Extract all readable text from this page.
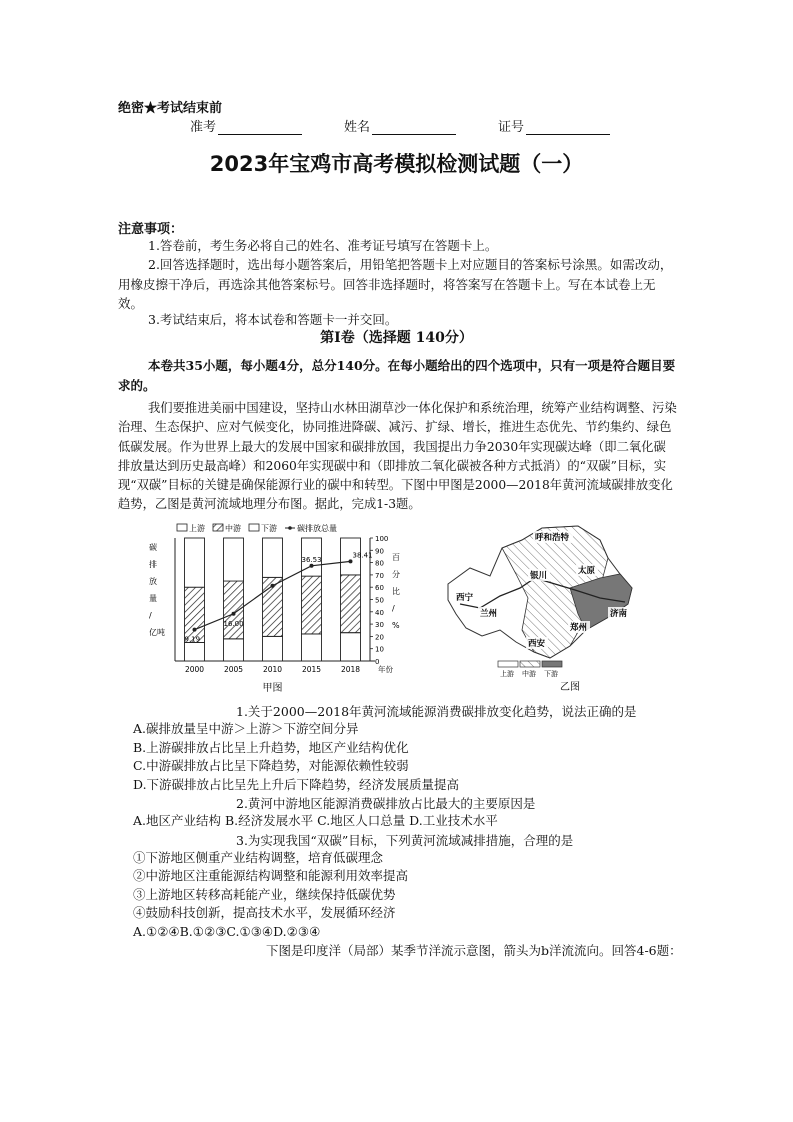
绝密★考试结束前
准考	姓名	证号
2023年宝鸡市高考模拟检测试题（一）
注意事项：
1.答卷前，考生务必将自己的姓名、准考证号填写在答题卡上。
2.回答选择题时，选出每小题答案后，用铅笔把答题卡上对应题目的答案标号涂黑。如需改动，用橡皮擦干净后，再选涂其他答案标号。回答非选择题时，将答案写在答题卡上。写在本试卷上无效。
3.考试结束后，将本试卷和答题卡一并交回。
第Ⅰ卷（选择题 140分）
本卷共35小题，每小题4分，总分140分。在每小题给出的四个选项中，只有一项是符合题目要求的。
我们要推进美丽中国建设，坚持山水林田湖草沙一体化保护和系统治理，统筹产业结构调整、污染治理、生态保护、应对气候变化，协同推进降碳、减污、扩绿、增长，推进生态优先、节约集约、绿色低碳发展。作为世界上最大的发展中国家和碳排放国，我国提出力争2030年实现碳达峰（即二氧化碳排放量达到历史最高峰）和2060年实现碳中和（即排放二氧化碳被各种方式抵消）的“双碳”目标，实现“双碳”目标的关键是确保能源行业的碳中和转型。下图中甲图是2000—2018年黄河流域碳排放变化趋势，乙图是黄河流域地理分布图。据此，完成1-3题。
0
10
20
30
40
50
60
70
80
90
100
碳
排
放
量
/
亿吨
百
分
比
/
%
2000	2005	2010	2015	2018 年份
9.19
16.00
36.53
38.41
上游	中游	下游	碳排放总量
甲图
呼和浩特
太原
银川
兰州
西宁
济南
郑州
西安
上游 中游 下游
乙图
1.关于2000—2018年黄河流域能源消费碳排放变化趋势，说法正确的是
A.碳排放量呈中游＞上游＞下游空间分异
B.上游碳排放占比呈上升趋势，地区产业结构优化
C.中游碳排放占比呈下降趋势，对能源依赖性较弱
D.下游碳排放占比呈先上升后下降趋势，经济发展质量提高
2.黄河中游地区能源消费碳排放占比最大的主要原因是
A.地区产业结构 B.经济发展水平 C.地区人口总量 D.工业技术水平
3.为实现我国“双碳”目标，下列黄河流域减排措施，合理的是
①下游地区侧重产业结构调整，培育低碳理念
②中游地区注重能源结构调整和能源利用效率提高
③上游地区转移高耗能产业，继续保持低碳优势
④鼓励科技创新，提高技术水平，发展循环经济
A.①②④B.①②③C.①③④D.②③④
下图是印度洋（局部）某季节洋流示意图，箭头为b洋流流向。回答4-6题：
